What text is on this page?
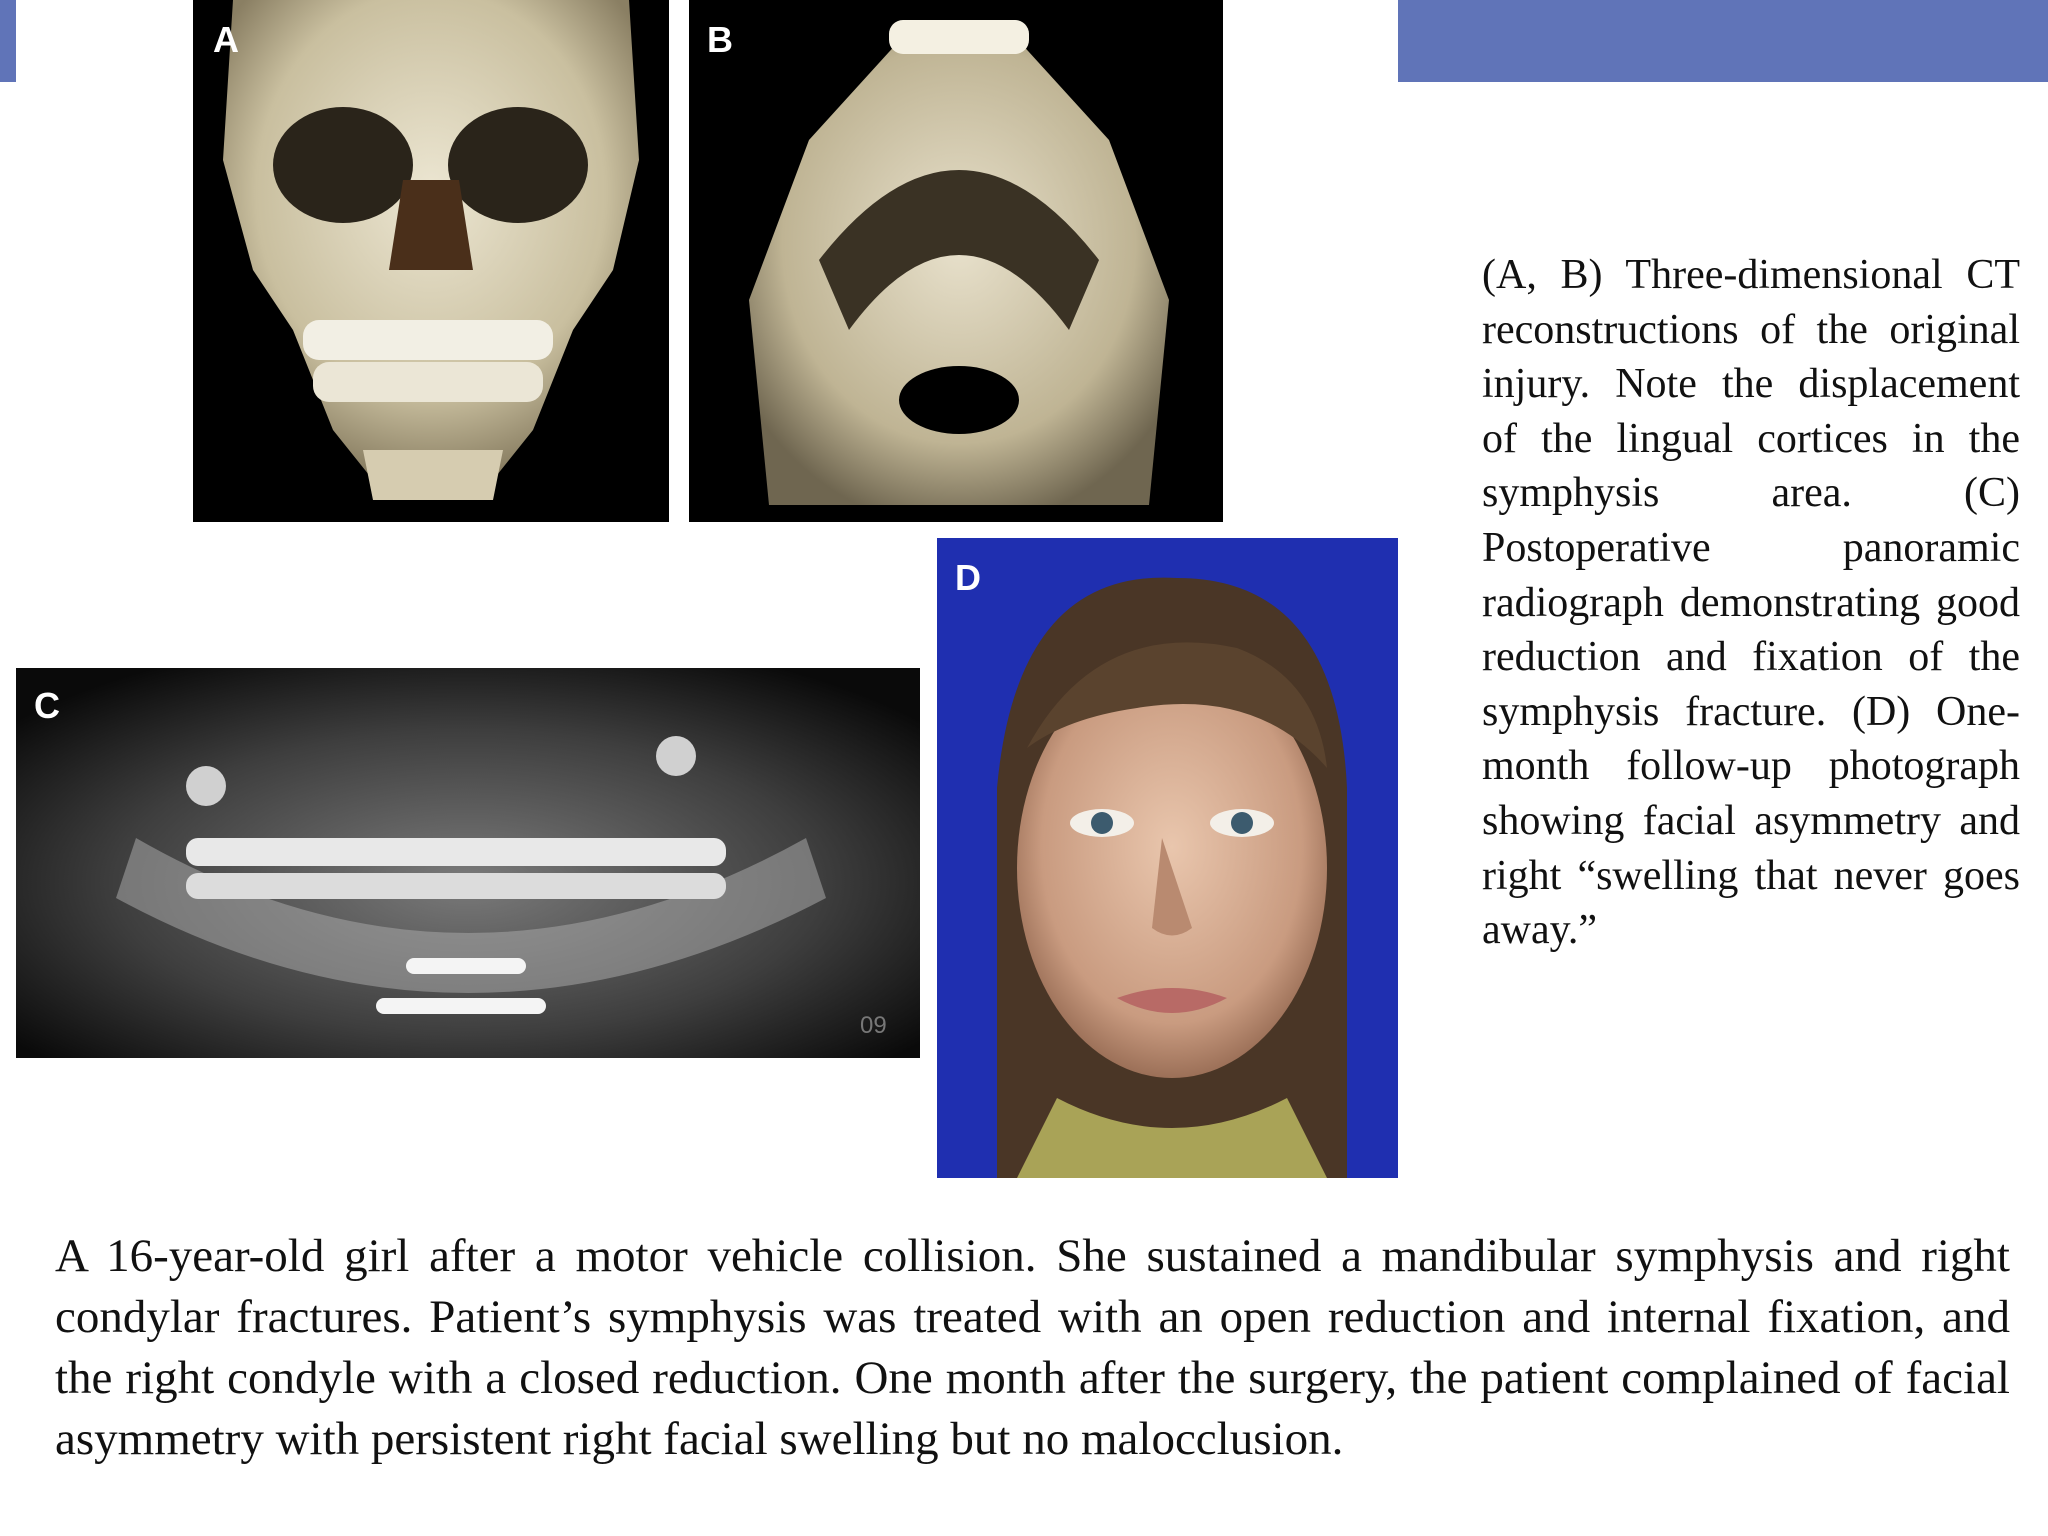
A	B
C
09
D
(A, B) Three-dimensional CT reconstructions of the original injury. Note the displacement of the lingual cortices in the symphysis area. (C) Postoperative panoramic radiograph demonstrating good reduction and fixation of the symphysis fracture. (D) One-month follow-up photograph showing facial asymmetry and right “swelling that never goes away.”
A 16-year-old girl after a motor vehicle collision. She sustained a mandibular symphysis and right condylar fractures. Patient’s symphysis was treated with an open reduction and internal fixation, and the right condyle with a closed reduction. One month after the surgery, the patient complained of facial asymmetry with persistent right facial swelling but no malocclusion.
